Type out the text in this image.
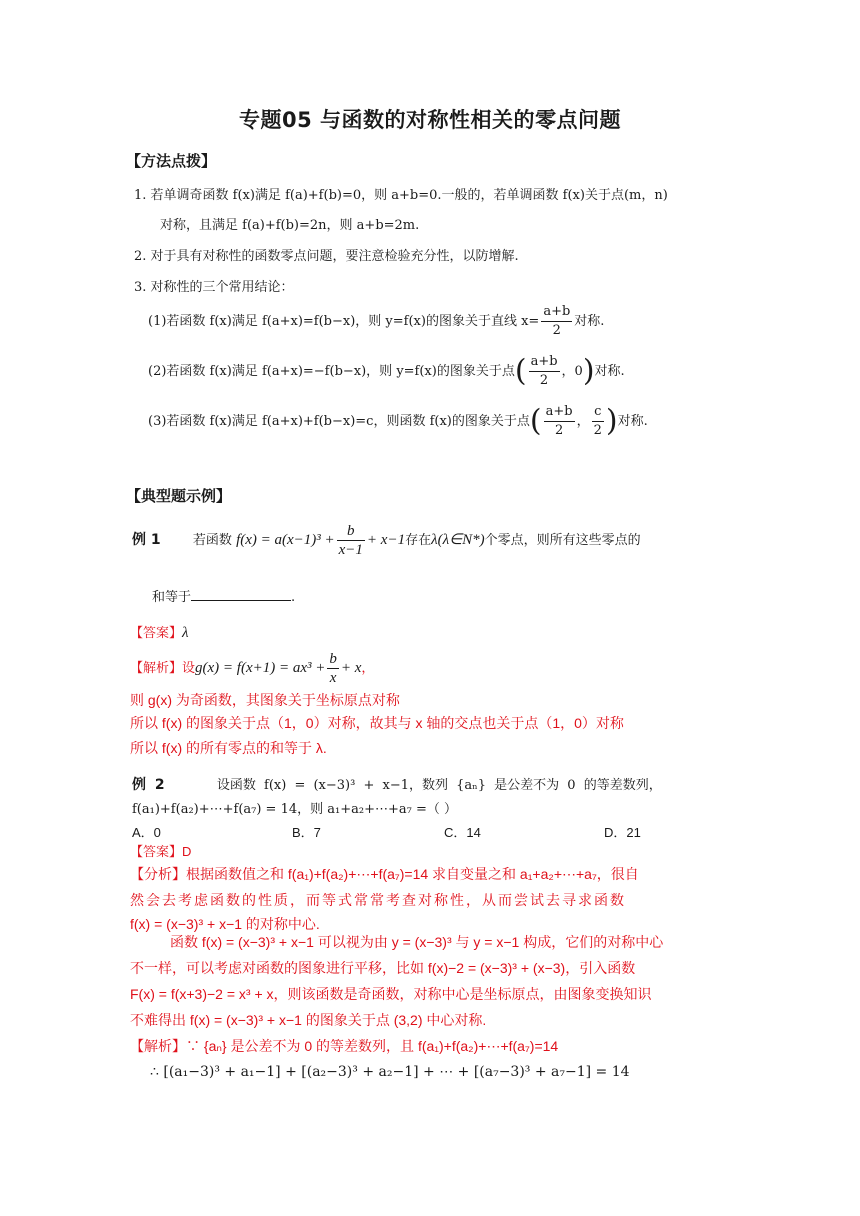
专题05 与函数的对称性相关的零点问题
【方法点拨】
1. 若单调奇函数 f(x)满足 f(a)+f(b)=0，则 a+b=0.一般的，若单调函数 f(x)关于点(m，n)
对称，且满足 f(a)+f(b)=2n，则 a+b=2m.
2. 对于具有对称性的函数零点问题，要注意检验充分性，以防增解.
3. 对称性的三个常用结论：
(1)若函数 f(x)满足 f(a+x)=f(b−x)，则 y=f(x)的图象关于直线 $x= \frac{a+b}{2}$ 对称.
(2)若函数 f(x)满足 f(a+x)=−f(b−x)，则 y=f(x)的图象关于点( $\frac{a+b}{2}$ ，0)对称.
(3)若函数 f(x)满足 f(a+x)+f(b−x)=c，则函数 f(x)的图象关于点( $\frac{a+b}{2}$ ， $\frac{c}{2}$ )对称.
【典型题示例】
例 1 若函数 $f(x) = a(x-1)^3 + \frac{b}{x-1} + x-1$存在λ(λ∈N*)个零点，则所有这些零点的
和等于	.
【答案】λ
【解析】设$g(x) = f(x+1) = ax^3 + \frac{b}{x} + x$，
则 g(x) 为奇函数，其图象关于坐标原点对称
所以 f(x) 的图象关于点（1，0）对称，故其与 x 轴的交点也关于点（1，0）对称
所以 f(x) 的所有零点的和等于 λ.
例 2	设函数 f(x) = (x−3)³ + x−1，数列 {aₙ} 是公差不为 0 的等差数列，
f(a₁)+f(a₂)+⋯+f(a₇) = 14，则 a₁+a₂+⋯+a₇ =（ ）
A．0	B．7	C．14	D．21
【答案】D
【分析】根据函数值之和 f(a₁)+f(a₂)+⋯+f(a₇)=14 求自变量之和 a₁+a₂+⋯+a₇，很自
然会去考虑函数的性质，而等式常常考查对称性，从而尝试去寻求函数
f(x) = (x−3)³ + x−1 的对称中心.
函数 f(x) = (x−3)³ + x−1 可以视为由 y = (x−3)³ 与 y = x−1 构成，它们的对称中心
不一样，可以考虑对函数的图象进行平移，比如 f(x)−2 = (x−3)³ + (x−3)，引入函数
F(x) = f(x+3)−2 = x³ + x，则该函数是奇函数，对称中心是坐标原点，由图象变换知识
不难得出 f(x) = (x−3)³ + x−1 的图象关于点 (3,2) 中心对称.
【解析】∵ {aₙ} 是公差不为 0 的等差数列，且 f(a₁)+f(a₂)+⋯+f(a₇)=14
∴ [(a₁−3)³ + a₁−1] + [(a₂−3)³ + a₂−1] + ⋯ + [(a₇−3)³ + a₇−1] = 14
